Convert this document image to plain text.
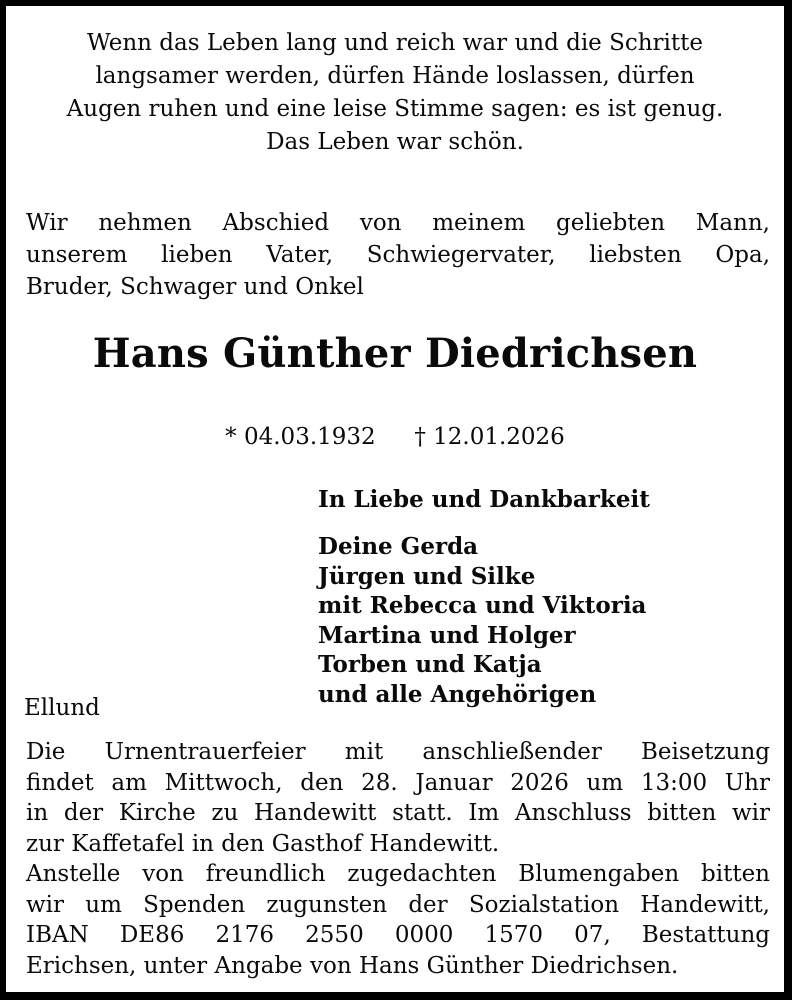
Wenn das Leben lang und reich war und die Schritte
langsamer werden, dürfen Hände loslassen, dürfen
Augen ruhen und eine leise Stimme sagen: es ist genug.
Das Leben war schön.
Wir nehmen Abschied von meinem geliebten Mann,
unserem lieben Vater, Schwiegervater, liebsten Opa,
Bruder, Schwager und Onkel
Hans Günther Diedrichsen
* 04.03.1932 † 12.01.2026
In Liebe und Dankbarkeit
Deine Gerda
Jürgen und Silke
mit Rebecca und Viktoria
Martina und Holger
Torben und Katja
und alle Angehörigen
Ellund
Die Urnentrauerfeier mit anschließender Beisetzung
findet am Mittwoch, den 28. Januar 2026 um 13:00 Uhr
in der Kirche zu Handewitt statt. Im Anschluss bitten wir
zur Kaffetafel in den Gasthof Handewitt.
Anstelle von freundlich zugedachten Blumengaben bitten
wir um Spenden zugunsten der Sozialstation Handewitt,
IBAN DE86 2176 2550 0000 1570 07, Bestattung
Erichsen, unter Angabe von Hans Günther Diedrichsen.
